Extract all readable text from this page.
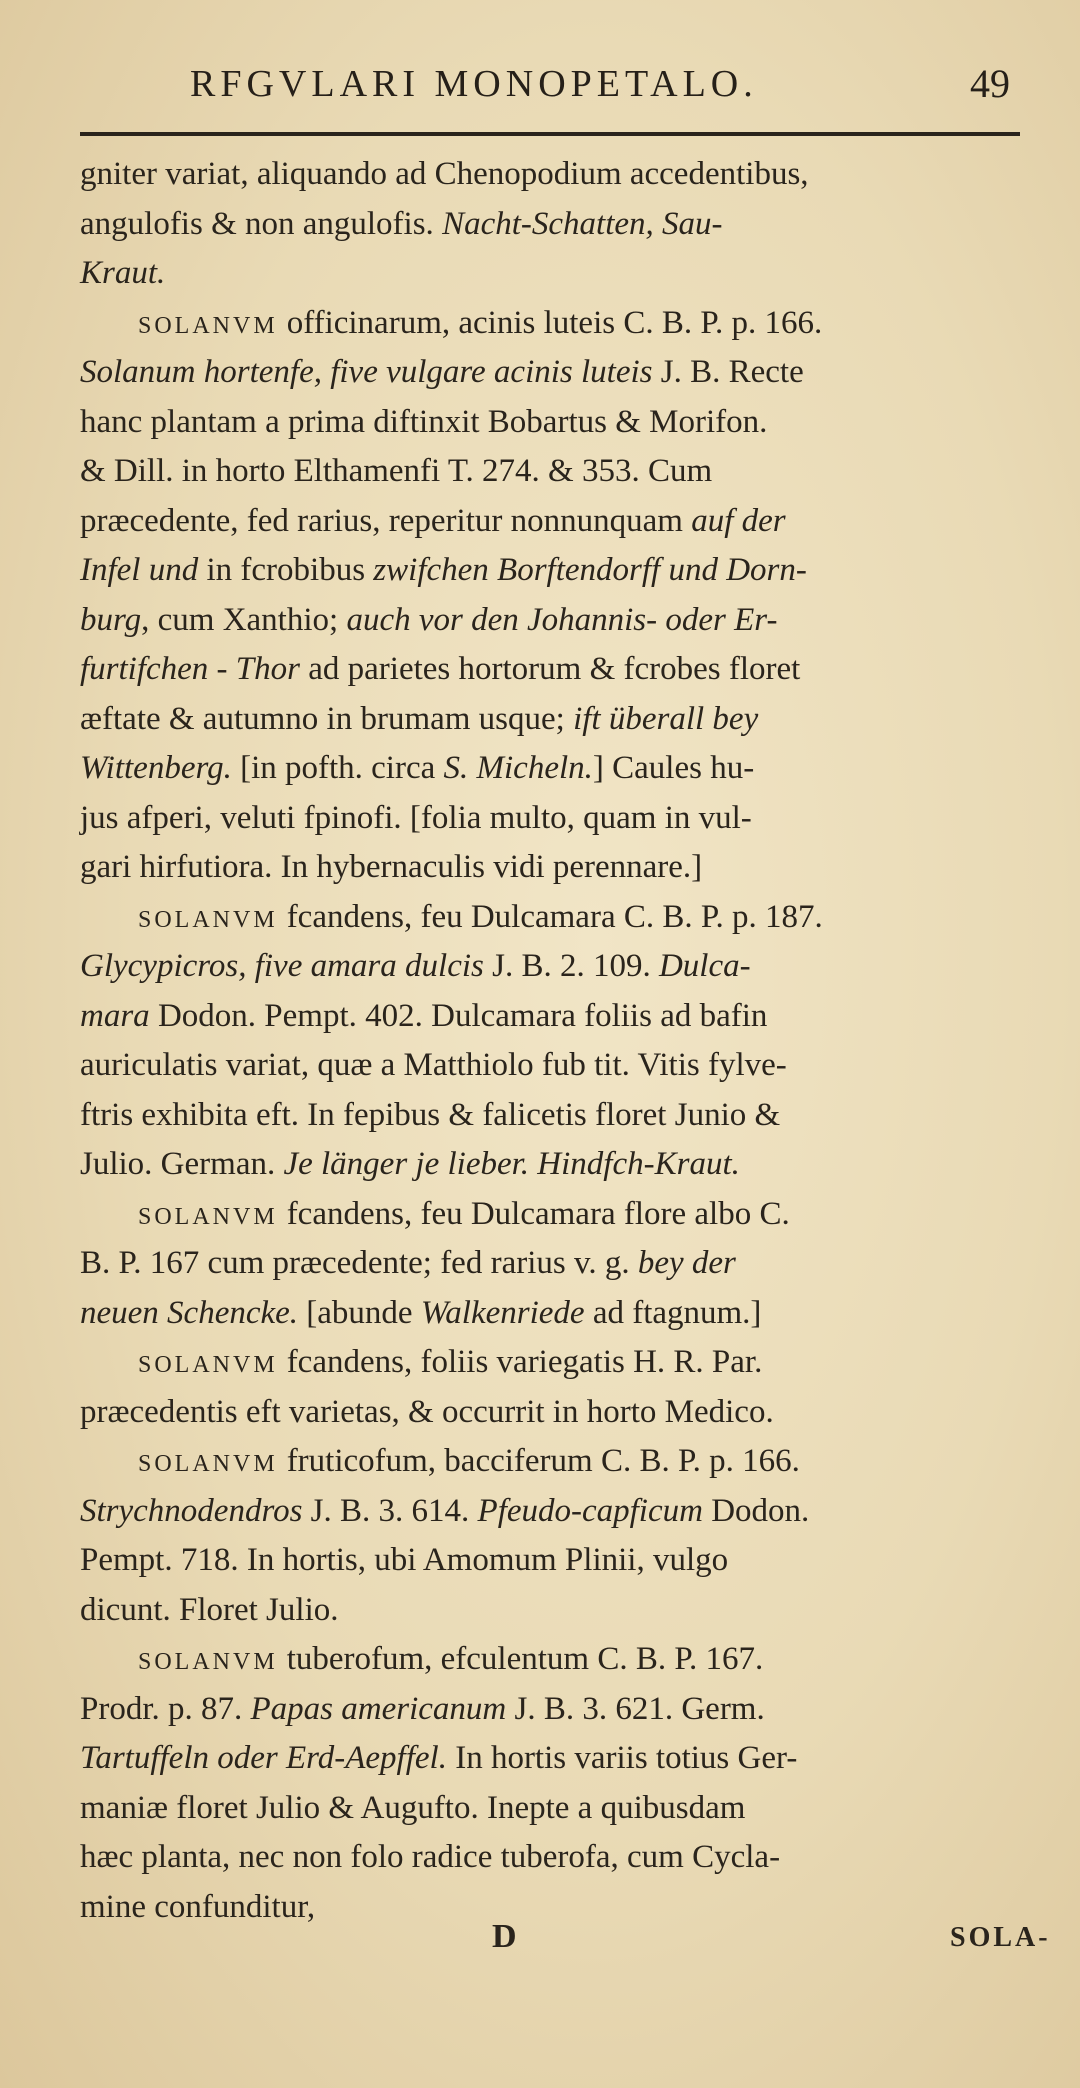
RFGVLARI MONOPETALO.	49
gniter variat, aliquando ad Chenopodium accedentibus,
angulofis & non angulofis. Nacht-Schatten, Sau-
Kraut.
SOLANVM officinarum, acinis luteis C. B. P. p. 166.
Solanum hortenfe, five vulgare acinis luteis J. B. Recte
hanc plantam a prima diftinxit Bobartus & Morifon.
& Dill. in horto Elthamenfi T. 274. & 353. Cum
præcedente, fed rarius, reperitur nonnunquam auf der
Infel und in fcrobibus zwifchen Borftendorff und Dorn-
burg, cum Xanthio; auch vor den Johannis- oder Er-
furtifchen - Thor ad parietes hortorum & fcrobes floret
æftate & autumno in brumam usque; ift überall bey
Wittenberg. [in pofth. circa S. Micheln.] Caules hu-
jus afperi, veluti fpinofi. [folia multo, quam in vul-
gari hirfutiora. In hybernaculis vidi perennare.]
SOLANVM fcandens, feu Dulcamara C. B. P. p. 187.
Glycypicros, five amara dulcis J. B. 2. 109. Dulca-
mara Dodon. Pempt. 402. Dulcamara foliis ad bafin
auriculatis variat, quæ a Matthiolo fub tit. Vitis fylve-
ftris exhibita eft. In fepibus & falicetis floret Junio &
Julio. German. Je länger je lieber. Hindfch-Kraut.
SOLANVM fcandens, feu Dulcamara flore albo C.
B. P. 167 cum præcedente; fed rarius v. g. bey der
neuen Schencke. [abunde Walkenriede ad ftagnum.]
SOLANVM fcandens, foliis variegatis H. R. Par.
præcedentis eft varietas, & occurrit in horto Medico.
SOLANVM fruticofum, bacciferum C. B. P. p. 166.
Strychnodendros J. B. 3. 614. Pfeudo-capficum Dodon.
Pempt. 718. In hortis, ubi Amomum Plinii, vulgo
dicunt. Floret Julio.
SOLANVM tuberofum, efculentum C. B. P. 167.
Prodr. p. 87. Papas americanum J. B. 3. 621. Germ.
Tartuffeln oder Erd-Aepffel. In hortis variis totius Ger-
maniæ floret Julio & Augufto. Inepte a quibusdam
hæc planta, nec non folo radice tuberofa, cum Cycla-
mine confunditur,
D	SOLA-
